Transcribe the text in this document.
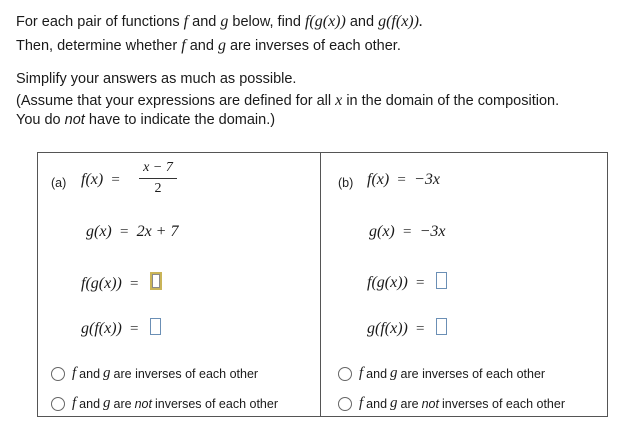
For each pair of functions f and g below, find f(g(x)) and g(f(x)).
Then, determine whether f and g are inverses of each other.
Simplify your answers as much as possible.
(Assume that your expressions are defined for all x in the domain of the composition.
You do not have to indicate the domain.)
(a) f(x) =
x − 7
2
g(x) = 2x + 7
f(g(x)) =
g(f(x)) =
f and g are inverses of each other
f and g are not inverses of each other
(b) f(x) = −3x
g(x) = −3x
f(g(x)) =
g(f(x)) =
f and g are inverses of each other
f and g are not inverses of each other
